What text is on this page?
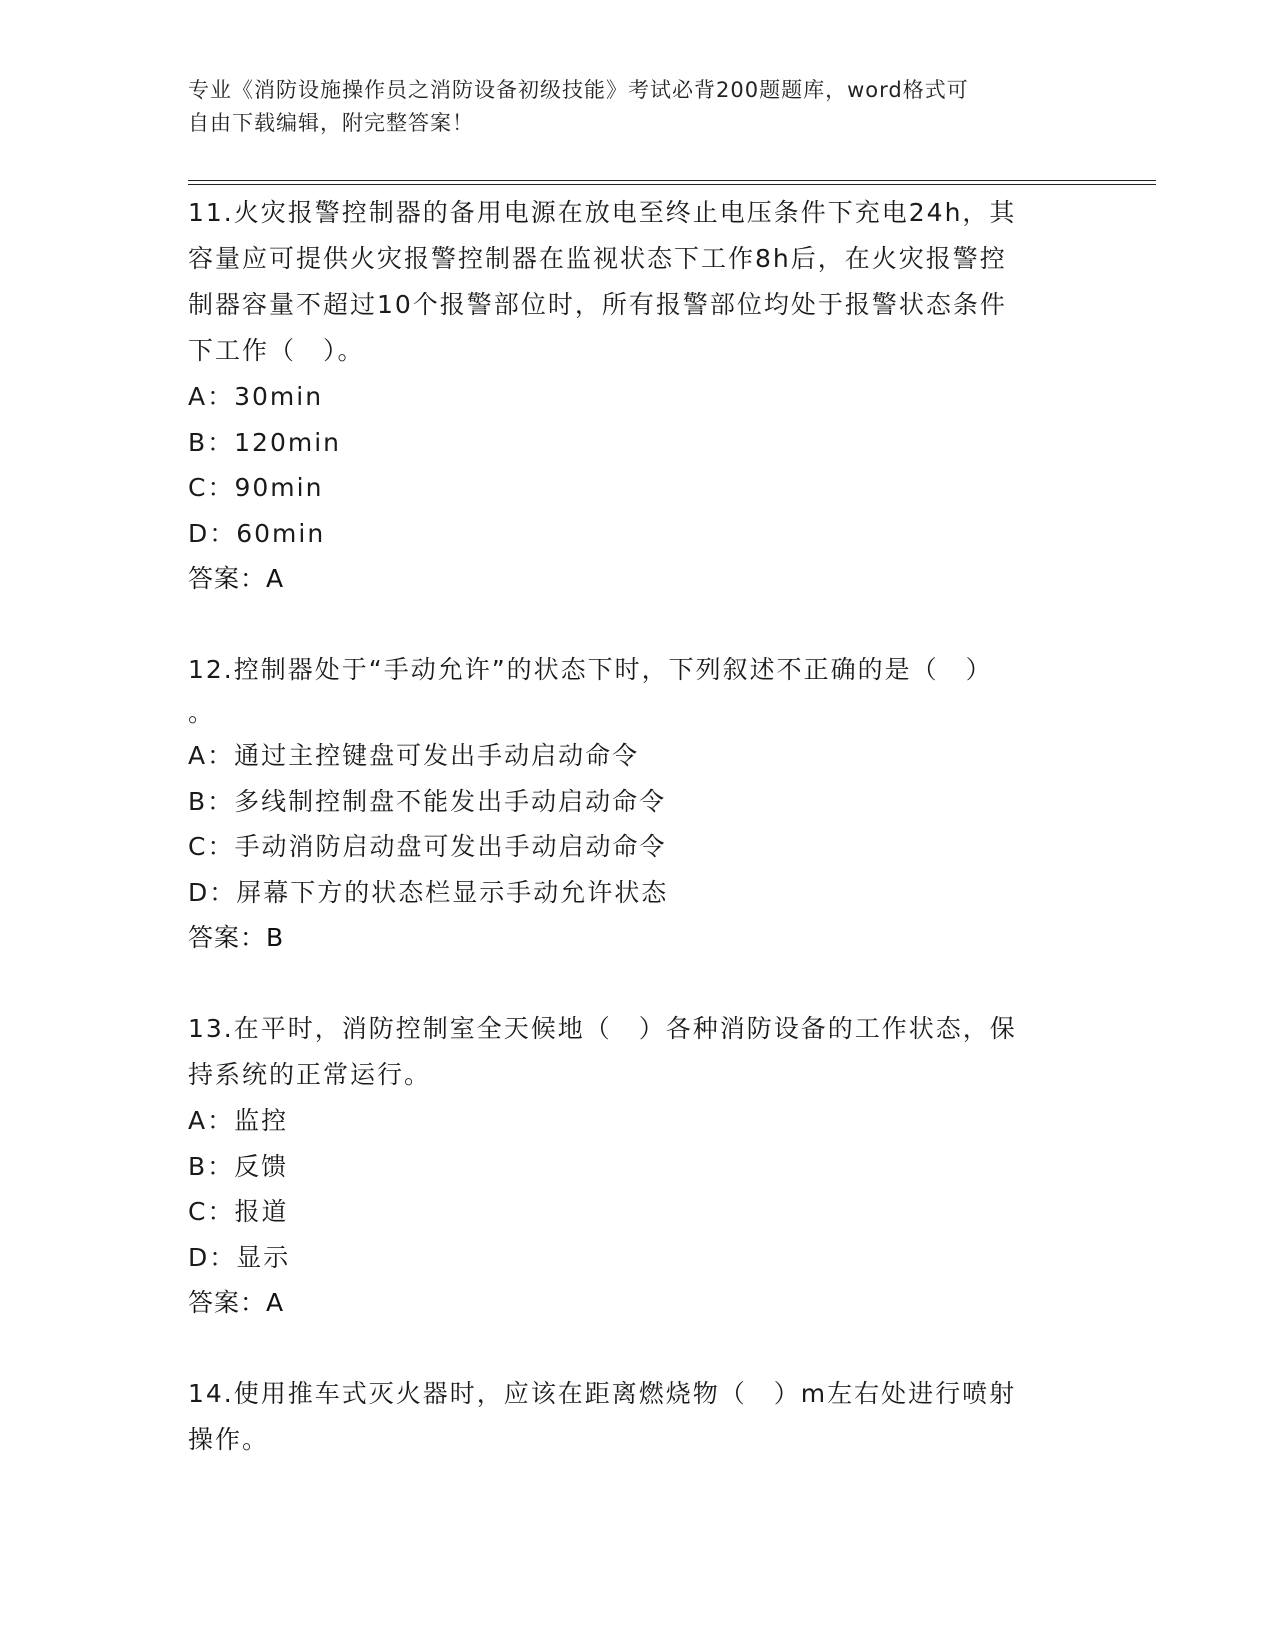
专业《消防设施操作员之消防设备初级技能》考试必背200题题库，word格式可
自由下载编辑，附完整答案！
11.火灾报警控制器的备用电源在放电至终止电压条件下充电24h，其
容量应可提供火灾报警控制器在监视状态下工作8h后，在火灾报警控
制器容量不超过10个报警部位时，所有报警部位均处于报警状态条件
下工作（　）。
A：30min
B：120min
C：90min
D：60min
答案：A
12.控制器处于“手动允许”的状态下时，下列叙述不正确的是（　）
。
A：通过主控键盘可发出手动启动命令
B：多线制控制盘不能发出手动启动命令
C：手动消防启动盘可发出手动启动命令
D：屏幕下方的状态栏显示手动允许状态
答案：B
13.在平时，消防控制室全天候地（　）各种消防设备的工作状态，保
持系统的正常运行。
A：监控
B：反馈
C：报道
D：显示
答案：A
14.使用推车式灭火器时，应该在距离燃烧物（　）m左右处进行喷射
操作。
